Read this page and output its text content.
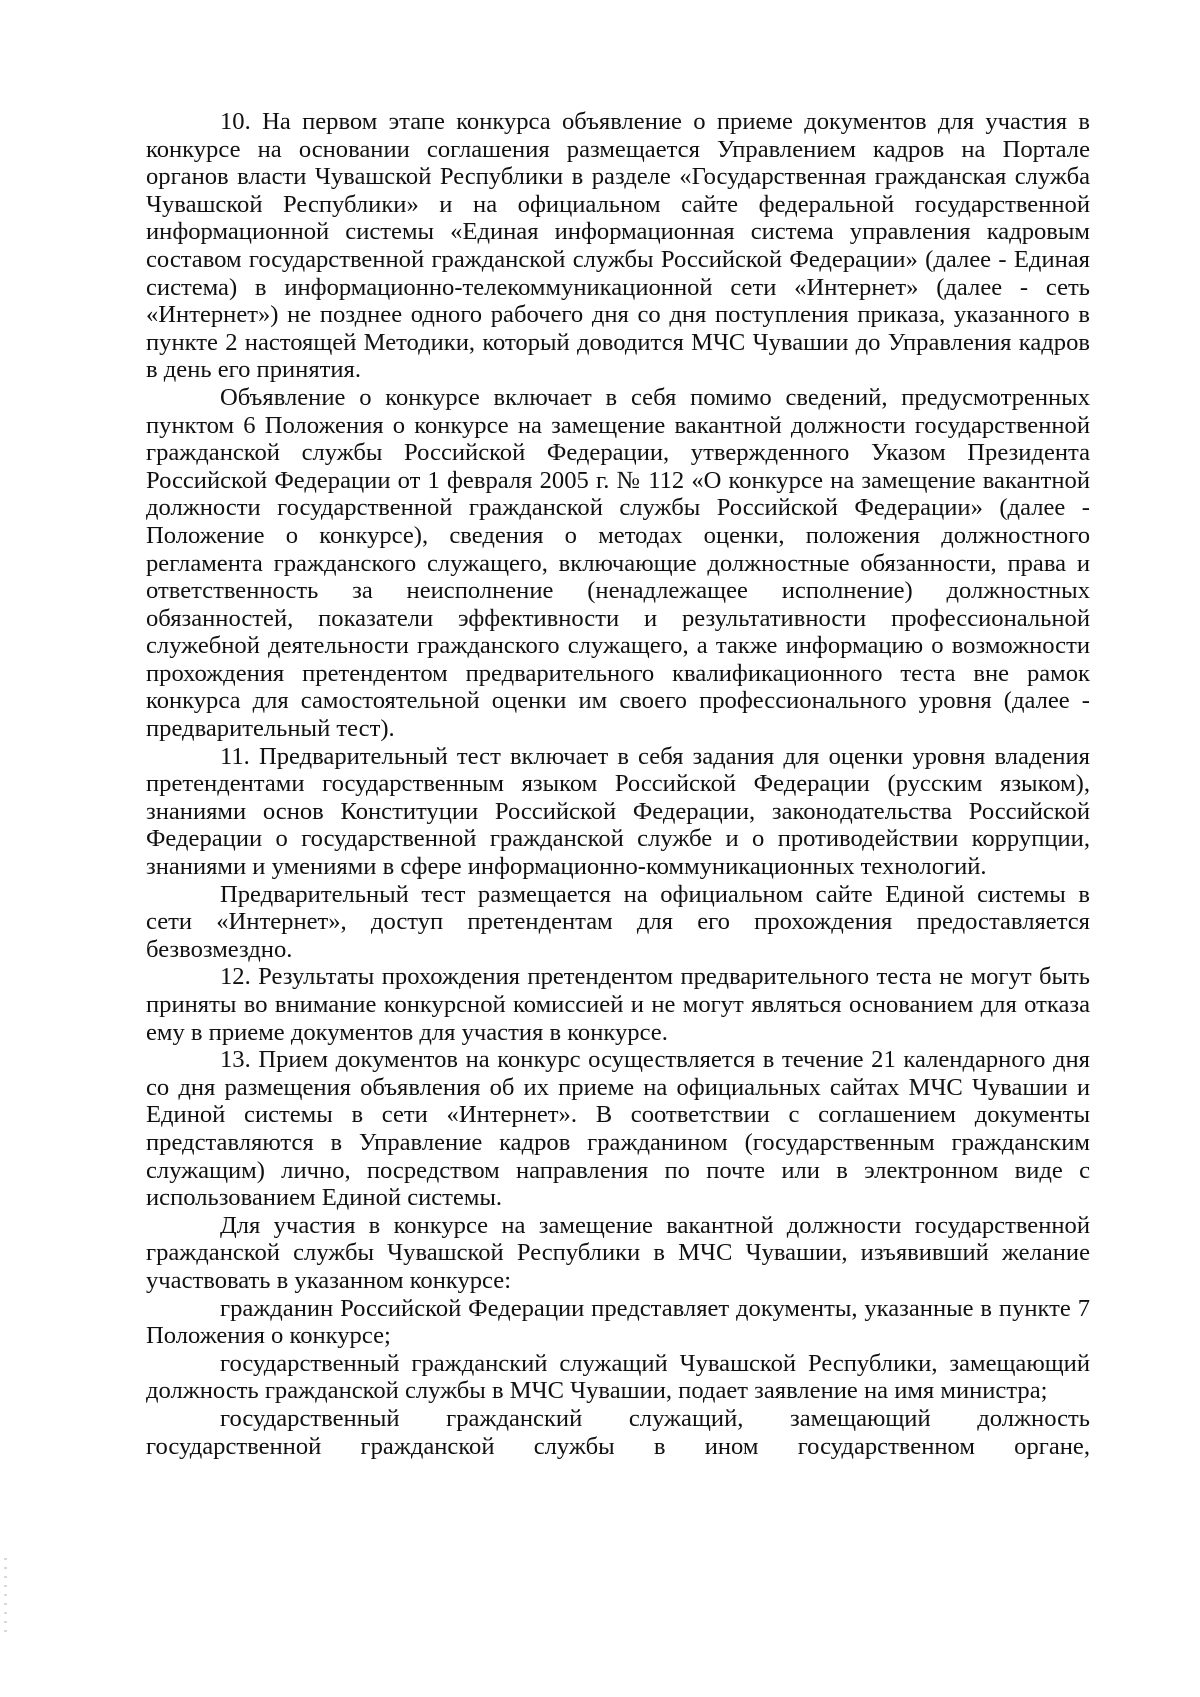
10. На первом этапе конкурса объявление о приеме документов для участия в конкурсе на основании соглашения размещается Управлением кадров на Портале органов власти Чувашской Республики в разделе «Государственная гражданская служба Чувашской Республики» и на официальном сайте федеральной государственной информационной системы «Единая информационная система управления кадровым составом государственной гражданской службы Российской Федерации» (далее - Единая система) в информационно-телекоммуникационной сети «Интернет» (далее - сеть «Интернет») не позднее одного рабочего дня со дня поступления приказа, указанного в пункте 2 настоящей Методики, который доводится МЧС Чувашии до Управления кадров в день его принятия.

Объявление о конкурсе включает в себя помимо сведений, предусмотренных пунктом 6 Положения о конкурсе на замещение вакантной должности государственной гражданской службы Российской Федерации, утвержденного Указом Президента Российской Федерации от 1 февраля 2005 г. № 112 «О конкурсе на замещение вакантной должности государственной гражданской службы Российской Федерации» (далее - Положение о конкурсе), сведения о методах оценки, положения должностного регламента гражданского служащего, включающие должностные обязанности, права и ответственность за неисполнение (ненадлежащее исполнение) должностных обязанностей, показатели эффективности и результативности профессиональной служебной деятельности гражданского служащего, а также информацию о возможности прохождения претендентом предварительного квалификационного теста вне рамок конкурса для самостоятельной оценки им своего профессионального уровня (далее - предварительный тест).

11. Предварительный тест включает в себя задания для оценки уровня владения претендентами государственным языком Российской Федерации (русским языком), знаниями основ Конституции Российской Федерации, законодательства Российской Федерации о государственной гражданской службе и о противодействии коррупции, знаниями и умениями в сфере информационно-коммуникационных технологий.

Предварительный тест размещается на официальном сайте Единой системы в сети «Интернет», доступ претендентам для его прохождения предоставляется безвозмездно.

12. Результаты прохождения претендентом предварительного теста не могут быть приняты во внимание конкурсной комиссией и не могут являться основанием для отказа ему в приеме документов для участия в конкурсе.

13. Прием документов на конкурс осуществляется в течение 21 календарного дня со дня размещения объявления об их приеме на официальных сайтах МЧС Чувашии и Единой системы в сети «Интернет». В соответствии с соглашением документы представляются в Управление кадров гражданином (государственным гражданским служащим) лично, посредством направления по почте или в электронном виде с использованием Единой системы.

Для участия в конкурсе на замещение вакантной должности государственной гражданской службы Чувашской Республики в МЧС Чувашии, изъявивший желание участвовать в указанном конкурсе:

гражданин Российской Федерации представляет документы, указанные в пункте 7 Положения о конкурсе;

государственный гражданский служащий Чувашской Республики, замещающий должность гражданской службы в МЧС Чувашии, подает заявление на имя министра;

государственный гражданский служащий, замещающий должность государственной гражданской службы в ином государственном органе,
